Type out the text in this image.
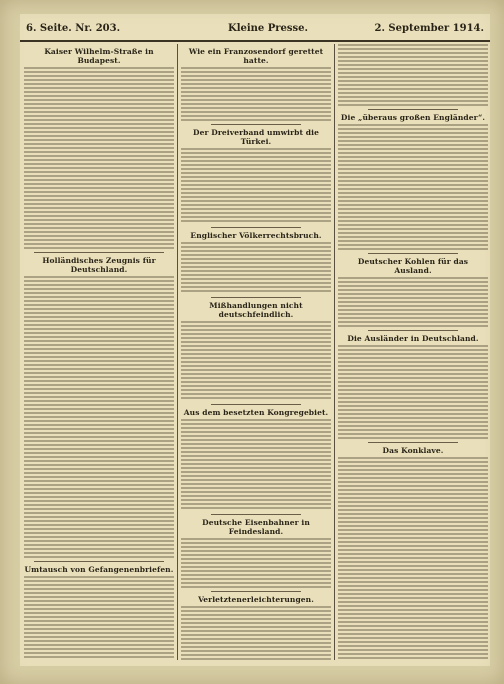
6. Seite. Nr. 203.	Kleine Presse.	2. September 1914.
Kaiser Wilhelm-Straße in Budapest.
Holländisches Zeugnis für Deutschland.
Umtausch von Gefangenenbriefen.
Wie ein Franzosendorf gerettet hatte.
Der Dreiverband umwirbt die Türkei.
Englischer Völkerrechtsbruch.
Mißhandlungen nicht deutschfeindlich.
Aus dem besetzten Kongregebiet.
Deutsche Eisenbahner in Feindesland.
Verletztenerleichterungen.
Die „überaus großen Engländer“.
Deutscher Kohlen für das Ausland.
Die Ausländer in Deutschland.
Das Konklave.
